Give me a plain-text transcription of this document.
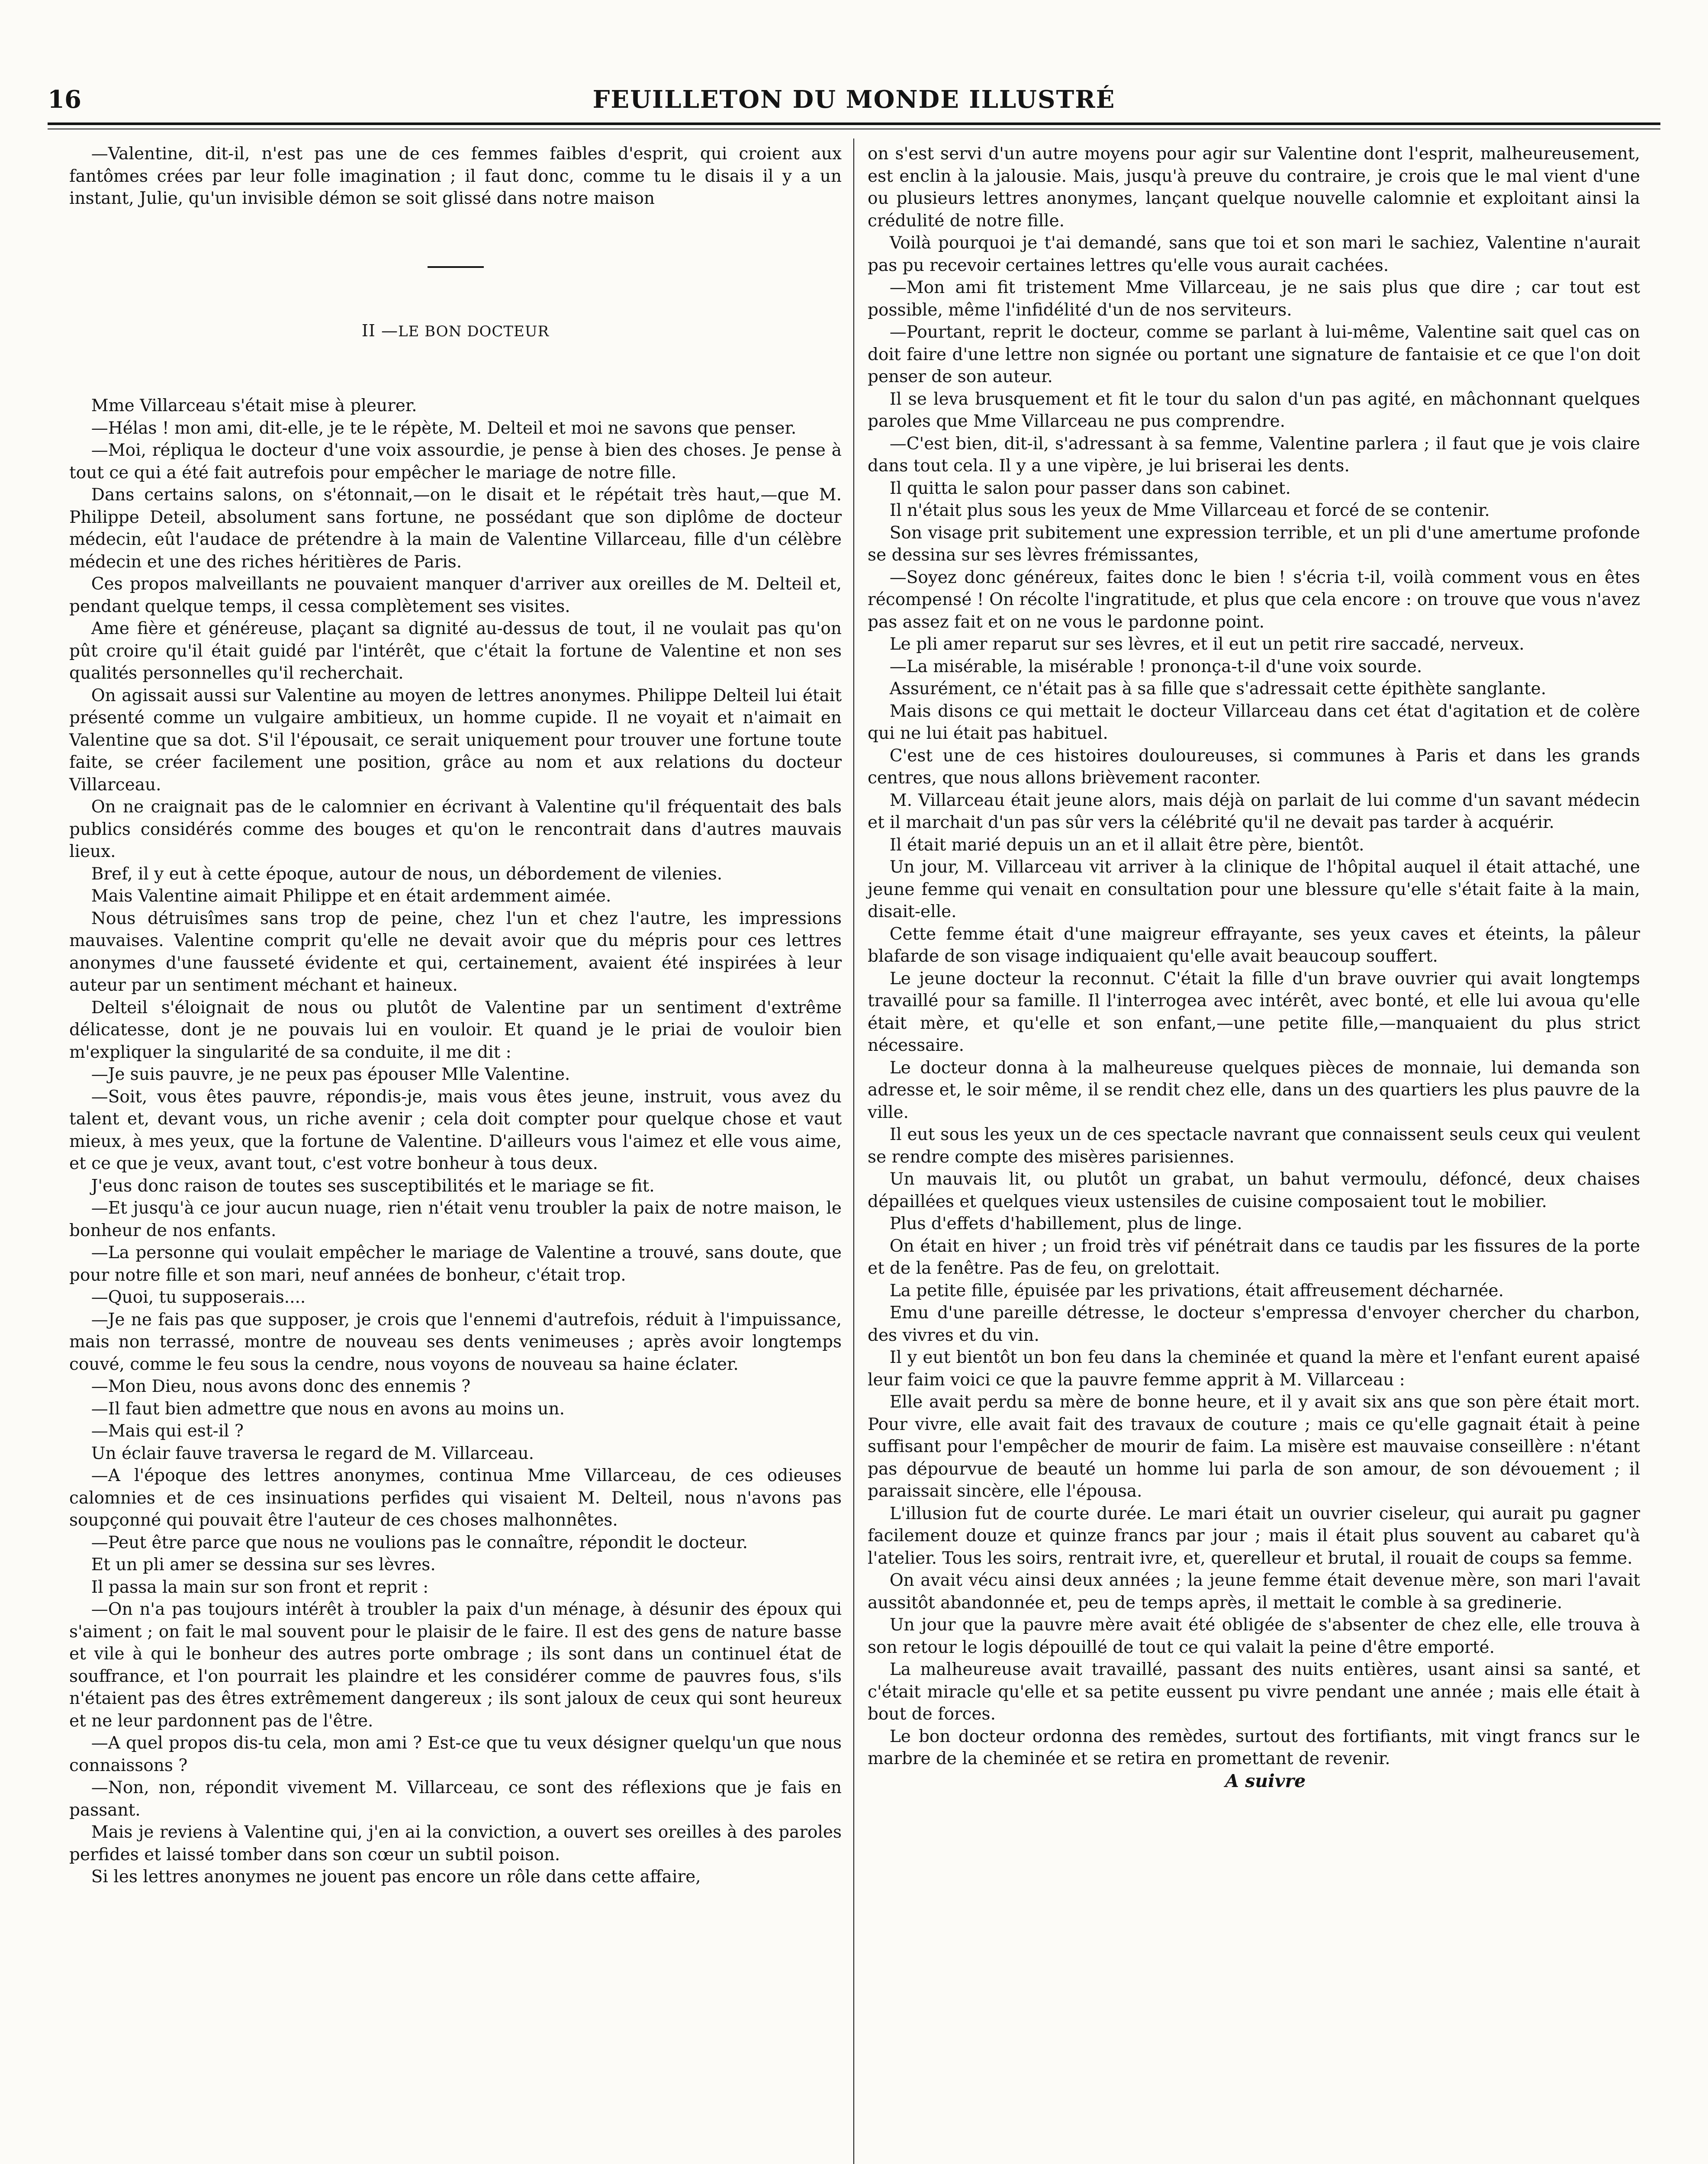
16	FEUILLETON DU MONDE ILLUSTRÉ

—Valentine, dit-il, n'est pas une de ces femmes faibles d'esprit, qui croient aux fantômes crées par leur folle imagination ; il faut donc, comme tu le disais il y a un instant, Julie, qu'un invisible démon se soit glissé dans notre maison

II —LE BON DOCTEUR

Mme Villarceau s'était mise à pleurer.

—Hélas ! mon ami, dit-elle, je te le répète, M. Delteil et moi ne savons que penser.

—Moi, répliqua le docteur d'une voix assourdie, je pense à bien des choses. Je pense à tout ce qui a été fait autrefois pour empêcher le mariage de notre fille.

Dans certains salons, on s'étonnait,—on le disait et le répétait très haut,—que M. Philippe Deteil, absolument sans fortune, ne possédant que son diplôme de docteur médecin, eût l'audace de prétendre à la main de Valentine Villarceau, fille d'un célèbre médecin et une des riches héritières de Paris.

Ces propos malveillants ne pouvaient manquer d'arriver aux oreilles de M. Delteil et, pendant quelque temps, il cessa complètement ses visites.

Ame fière et généreuse, plaçant sa dignité au-dessus de tout, il ne voulait pas qu'on pût croire qu'il était guidé par l'intérêt, que c'était la fortune de Valentine et non ses qualités personnelles qu'il recherchait.

On agissait aussi sur Valentine au moyen de lettres anonymes. Philippe Delteil lui était présenté comme un vulgaire ambitieux, un homme cupide. Il ne voyait et n'aimait en Valentine que sa dot. S'il l'épousait, ce serait uniquement pour trouver une fortune toute faite, se créer facilement une position, grâce au nom et aux relations du docteur Villarceau.

On ne craignait pas de le calomnier en écrivant à Valentine qu'il fréquentait des bals publics considérés comme des bouges et qu'on le rencontrait dans d'autres mauvais lieux.

Bref, il y eut à cette époque, autour de nous, un débordement de vilenies.

Mais Valentine aimait Philippe et en était ardemment aimée.

Nous détruisîmes sans trop de peine, chez l'un et chez l'autre, les impressions mauvaises. Valentine comprit qu'elle ne devait avoir que du mépris pour ces lettres anonymes d'une fausseté évidente et qui, certainement, avaient été inspirées à leur auteur par un sentiment méchant et haineux.

Delteil s'éloignait de nous ou plutôt de Valentine par un sentiment d'extrême délicatesse, dont je ne pouvais lui en vouloir. Et quand je le priai de vouloir bien m'expliquer la singularité de sa conduite, il me dit :

—Je suis pauvre, je ne peux pas épouser Mlle Valentine.

—Soit, vous êtes pauvre, répondis-je, mais vous êtes jeune, instruit, vous avez du talent et, devant vous, un riche avenir ; cela doit compter pour quelque chose et vaut mieux, à mes yeux, que la fortune de Valentine. D'ailleurs vous l'aimez et elle vous aime, et ce que je veux, avant tout, c'est votre bonheur à tous deux.

J'eus donc raison de toutes ses susceptibilités et le mariage se fit.

—Et jusqu'à ce jour aucun nuage, rien n'était venu troubler la paix de notre maison, le bonheur de nos enfants.

—La personne qui voulait empêcher le mariage de Valentine a trouvé, sans doute, que pour notre fille et son mari, neuf années de bonheur, c'était trop.

—Quoi, tu supposerais....

—Je ne fais pas que supposer, je crois que l'ennemi d'autrefois, réduit à l'impuissance, mais non terrassé, montre de nouveau ses dents venimeuses ; après avoir longtemps couvé, comme le feu sous la cendre, nous voyons de nouveau sa haine éclater.

—Mon Dieu, nous avons donc des ennemis ?

—Il faut bien admettre que nous en avons au moins un.

—Mais qui est-il ?

Un éclair fauve traversa le regard de M. Villarceau.

—A l'époque des lettres anonymes, continua Mme Villarceau, de ces odieuses calomnies et de ces insinuations perfides qui visaient M. Delteil, nous n'avons pas soupçonné qui pouvait être l'auteur de ces choses malhonnêtes.

—Peut être parce que nous ne voulions pas le connaître, répondit le docteur.

Et un pli amer se dessina sur ses lèvres.

Il passa la main sur son front et reprit :

—On n'a pas toujours intérêt à troubler la paix d'un ménage, à désunir des époux qui s'aiment ; on fait le mal souvent pour le plaisir de le faire. Il est des gens de nature basse et vile à qui le bonheur des autres porte ombrage ; ils sont dans un continuel état de souffrance, et l'on pourrait les plaindre et les considérer comme de pauvres fous, s'ils n'étaient pas des êtres extrêmement dangereux ; ils sont jaloux de ceux qui sont heureux et ne leur pardonnent pas de l'être.

—A quel propos dis-tu cela, mon ami ? Est-ce que tu veux désigner quelqu'un que nous connaissons ?

—Non, non, répondit vivement M. Villarceau, ce sont des réflexions que je fais en passant.

Mais je reviens à Valentine qui, j'en ai la conviction, a ouvert ses oreilles à des paroles perfides et laissé tomber dans son cœur un subtil poison.

Si les lettres anonymes ne jouent pas encore un rôle dans cette affaire,

on s'est servi d'un autre moyens pour agir sur Valentine dont l'esprit, malheureusement, est enclin à la jalousie. Mais, jusqu'à preuve du contraire, je crois que le mal vient d'une ou plusieurs lettres anonymes, lançant quelque nouvelle calomnie et exploitant ainsi la crédulité de notre fille.

Voilà pourquoi je t'ai demandé, sans que toi et son mari le sachiez, Valentine n'aurait pas pu recevoir certaines lettres qu'elle vous aurait cachées.

—Mon ami fit tristement Mme Villarceau, je ne sais plus que dire ; car tout est possible, même l'infidélité d'un de nos serviteurs.

—Pourtant, reprit le docteur, comme se parlant à lui-même, Valentine sait quel cas on doit faire d'une lettre non signée ou portant une signature de fantaisie et ce que l'on doit penser de son auteur.

Il se leva brusquement et fit le tour du salon d'un pas agité, en mâchonnant quelques paroles que Mme Villarceau ne pus comprendre.

—C'est bien, dit-il, s'adressant à sa femme, Valentine parlera ; il faut que je vois claire dans tout cela. Il y a une vipère, je lui briserai les dents.

Il quitta le salon pour passer dans son cabinet.

Il n'était plus sous les yeux de Mme Villarceau et forcé de se contenir.

Son visage prit subitement une expression terrible, et un pli d'une amertume profonde se dessina sur ses lèvres frémissantes,

—Soyez donc généreux, faites donc le bien ! s'écria t-il, voilà comment vous en êtes récompensé ! On récolte l'ingratitude, et plus que cela encore : on trouve que vous n'avez pas assez fait et on ne vous le pardonne point.

Le pli amer reparut sur ses lèvres, et il eut un petit rire saccadé, nerveux.

—La misérable, la misérable ! prononça-t-il d'une voix sourde.

Assurément, ce n'était pas à sa fille que s'adressait cette épithète sanglante.

Mais disons ce qui mettait le docteur Villarceau dans cet état d'agitation et de colère qui ne lui était pas habituel.

C'est une de ces histoires douloureuses, si communes à Paris et dans les grands centres, que nous allons brièvement raconter.

M. Villarceau était jeune alors, mais déjà on parlait de lui comme d'un savant médecin et il marchait d'un pas sûr vers la célébrité qu'il ne devait pas tarder à acquérir.

Il était marié depuis un an et il allait être père, bientôt.

Un jour, M. Villarceau vit arriver à la clinique de l'hôpital auquel il était attaché, une jeune femme qui venait en consultation pour une blessure qu'elle s'était faite à la main, disait-elle.

Cette femme était d'une maigreur effrayante, ses yeux caves et éteints, la pâleur blafarde de son visage indiquaient qu'elle avait beaucoup souffert.

Le jeune docteur la reconnut. C'était la fille d'un brave ouvrier qui avait longtemps travaillé pour sa famille. Il l'interrogea avec intérêt, avec bonté, et elle lui avoua qu'elle était mère, et qu'elle et son enfant,—une petite fille,—manquaient du plus strict nécessaire.

Le docteur donna à la malheureuse quelques pièces de monnaie, lui demanda son adresse et, le soir même, il se rendit chez elle, dans un des quartiers les plus pauvre de la ville.

Il eut sous les yeux un de ces spectacle navrant que connaissent seuls ceux qui veulent se rendre compte des misères parisiennes.

Un mauvais lit, ou plutôt un grabat, un bahut vermoulu, défoncé, deux chaises dépaillées et quelques vieux ustensiles de cuisine composaient tout le mobilier.

Plus d'effets d'habillement, plus de linge.

On était en hiver ; un froid très vif pénétrait dans ce taudis par les fissures de la porte et de la fenêtre. Pas de feu, on grelottait.

La petite fille, épuisée par les privations, était affreusement décharnée.

Emu d'une pareille détresse, le docteur s'empressa d'envoyer chercher du charbon, des vivres et du vin.

Il y eut bientôt un bon feu dans la cheminée et quand la mère et l'enfant eurent apaisé leur faim voici ce que la pauvre femme apprit à M. Villarceau :

Elle avait perdu sa mère de bonne heure, et il y avait six ans que son père était mort. Pour vivre, elle avait fait des travaux de couture ; mais ce qu'elle gagnait était à peine suffisant pour l'empêcher de mourir de faim. La misère est mauvaise conseillère : n'étant pas dépourvue de beauté un homme lui parla de son amour, de son dévouement ; il paraissait sincère, elle l'épousa.

L'illusion fut de courte durée. Le mari était un ouvrier ciseleur, qui aurait pu gagner facilement douze et quinze francs par jour ; mais il était plus souvent au cabaret qu'à l'atelier. Tous les soirs, rentrait ivre, et, querelleur et brutal, il rouait de coups sa femme.

On avait vécu ainsi deux années ; la jeune femme était devenue mère, son mari l'avait aussitôt abandonnée et, peu de temps après, il mettait le comble à sa gredinerie.

Un jour que la pauvre mère avait été obligée de s'absenter de chez elle, elle trouva à son retour le logis dépouillé de tout ce qui valait la peine d'être emporté.

La malheureuse avait travaillé, passant des nuits entières, usant ainsi sa santé, et c'était miracle qu'elle et sa petite eussent pu vivre pendant une année ; mais elle était à bout de forces.

Le bon docteur ordonna des remèdes, surtout des fortifiants, mit vingt francs sur le marbre de la cheminée et se retira en promettant de revenir.

A suivre
